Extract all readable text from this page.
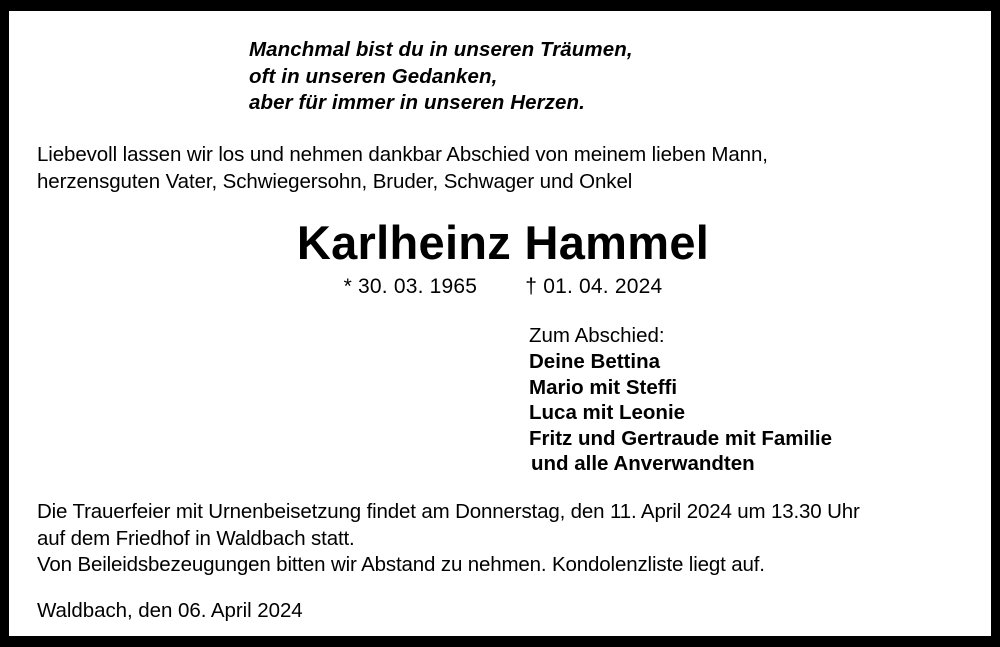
Manchmal bist du in unseren Träumen,
oft in unseren Gedanken,
aber für immer in unseren Herzen.
Liebevoll lassen wir los und nehmen dankbar Abschied von meinem lieben Mann,
herzensguten Vater, Schwiegersohn, Bruder, Schwager und Onkel
Karlheinz Hammel
* 30. 03. 1965 † 01. 04. 2024
Zum Abschied:
Deine Bettina
Mario mit Steffi
Luca mit Leonie
Fritz und Gertraude mit Familie
und alle Anverwandten
Die Trauerfeier mit Urnenbeisetzung findet am Donnerstag, den 11. April 2024 um 13.30 Uhr
auf dem Friedhof in Waldbach statt.
Von Beileidsbezeugungen bitten wir Abstand zu nehmen. Kondolenzliste liegt auf.
Waldbach, den 06. April 2024
